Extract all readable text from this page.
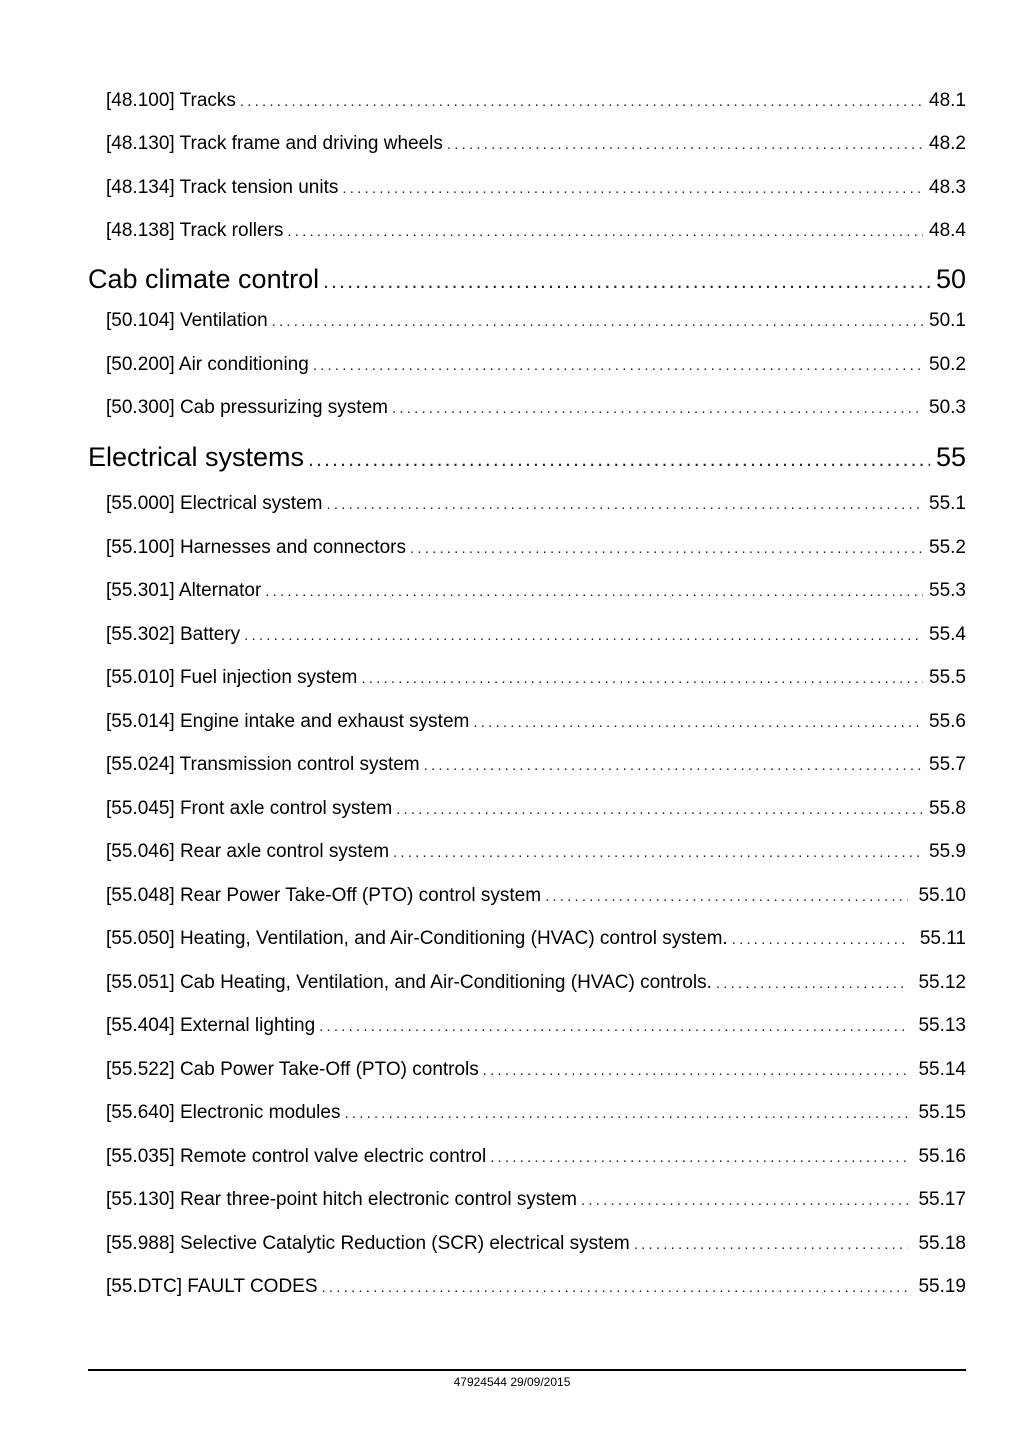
[48.100] Tracks .....	48.1
[48.130] Track frame and driving wheels .....	48.2
[48.134] Track tension units .....	48.3
[48.138] Track rollers .....	48.4
Cab climate control .....	50
[50.104] Ventilation .....	50.1
[50.200] Air conditioning .....	50.2
[50.300] Cab pressurizing system .....	50.3
Electrical systems .....	55
[55.000] Electrical system .....	55.1
[55.100] Harnesses and connectors .....	55.2
[55.301] Alternator .....	55.3
[55.302] Battery .....	55.4
[55.010] Fuel injection system .....	55.5
[55.014] Engine intake and exhaust system .....	55.6
[55.024] Transmission control system .....	55.7
[55.045] Front axle control system .....	55.8
[55.046] Rear axle control system .....	55.9
[55.048] Rear Power Take-Off (PTO) control system .....	55.10
[55.050] Heating, Ventilation, and Air-Conditioning (HVAC) control system. .....	55.11
[55.051] Cab Heating, Ventilation, and Air-Conditioning (HVAC) controls. .....	55.12
[55.404] External lighting .....	55.13
[55.522] Cab Power Take-Off (PTO) controls .....	55.14
[55.640] Electronic modules .....	55.15
[55.035] Remote control valve electric control .....	55.16
[55.130] Rear three-point hitch electronic control system .....	55.17
[55.988] Selective Catalytic Reduction (SCR) electrical system .....	55.18
[55.DTC] FAULT CODES .....	55.19
47924544 29/09/2015
